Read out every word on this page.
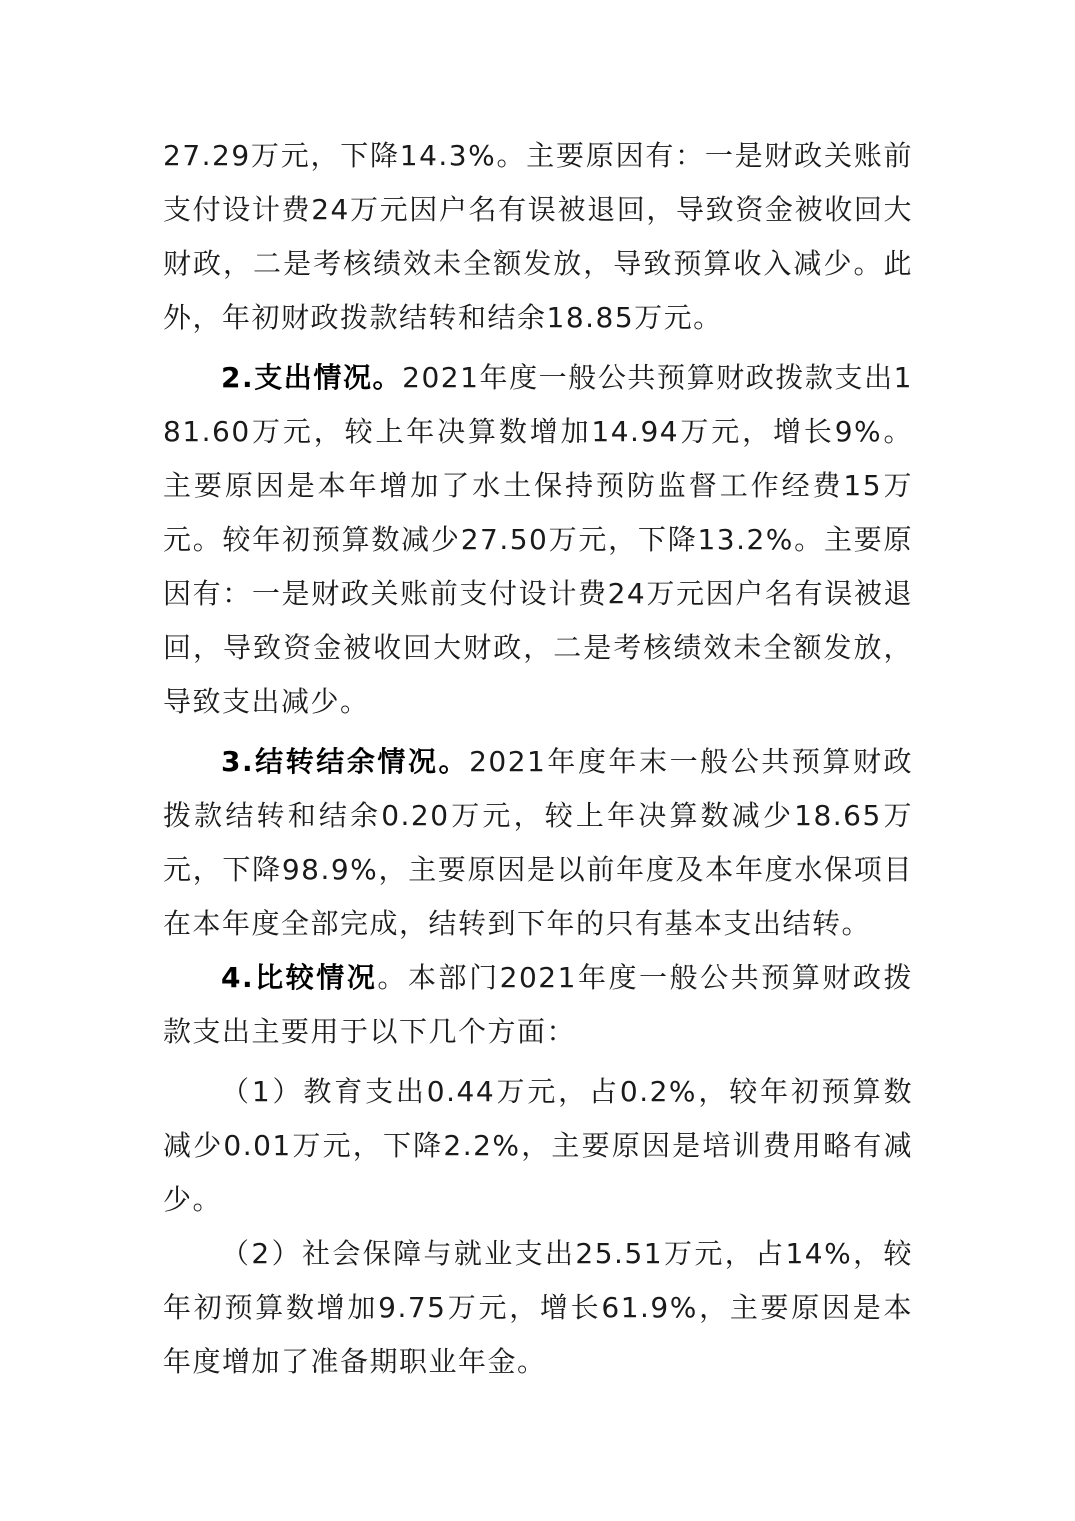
27.29万元，下降14.3%。主要原因有：一是财政关账前支付设计费24万元因户名有误被退回，导致资金被收回大财政，二是考核绩效未全额发放，导致预算收入减少。此外，年初财政拨款结转和结余18.85万元。

2.支出情况。2021年度一般公共预算财政拨款支出181.60万元，较上年决算数增加14.94万元，增长9%。主要原因是本年增加了水土保持预防监督工作经费15万元。较年初预算数减少27.50万元，下降13.2%。主要原因有：一是财政关账前支付设计费24万元因户名有误被退回，导致资金被收回大财政，二是考核绩效未全额发放，导致支出减少。

3.结转结余情况。2021年度年末一般公共预算财政拨款结转和结余0.20万元，较上年决算数减少18.65万元，下降98.9%，主要原因是以前年度及本年度水保项目在本年度全部完成，结转到下年的只有基本支出结转。

4.比较情况。本部门2021年度一般公共预算财政拨款支出主要用于以下几个方面：

（1）教育支出0.44万元，占0.2%，较年初预算数减少0.01万元，下降2.2%，主要原因是培训费用略有减少。

（2）社会保障与就业支出25.51万元，占14%，较年初预算数增加9.75万元，增长61.9%，主要原因是本年度增加了准备期职业年金。
